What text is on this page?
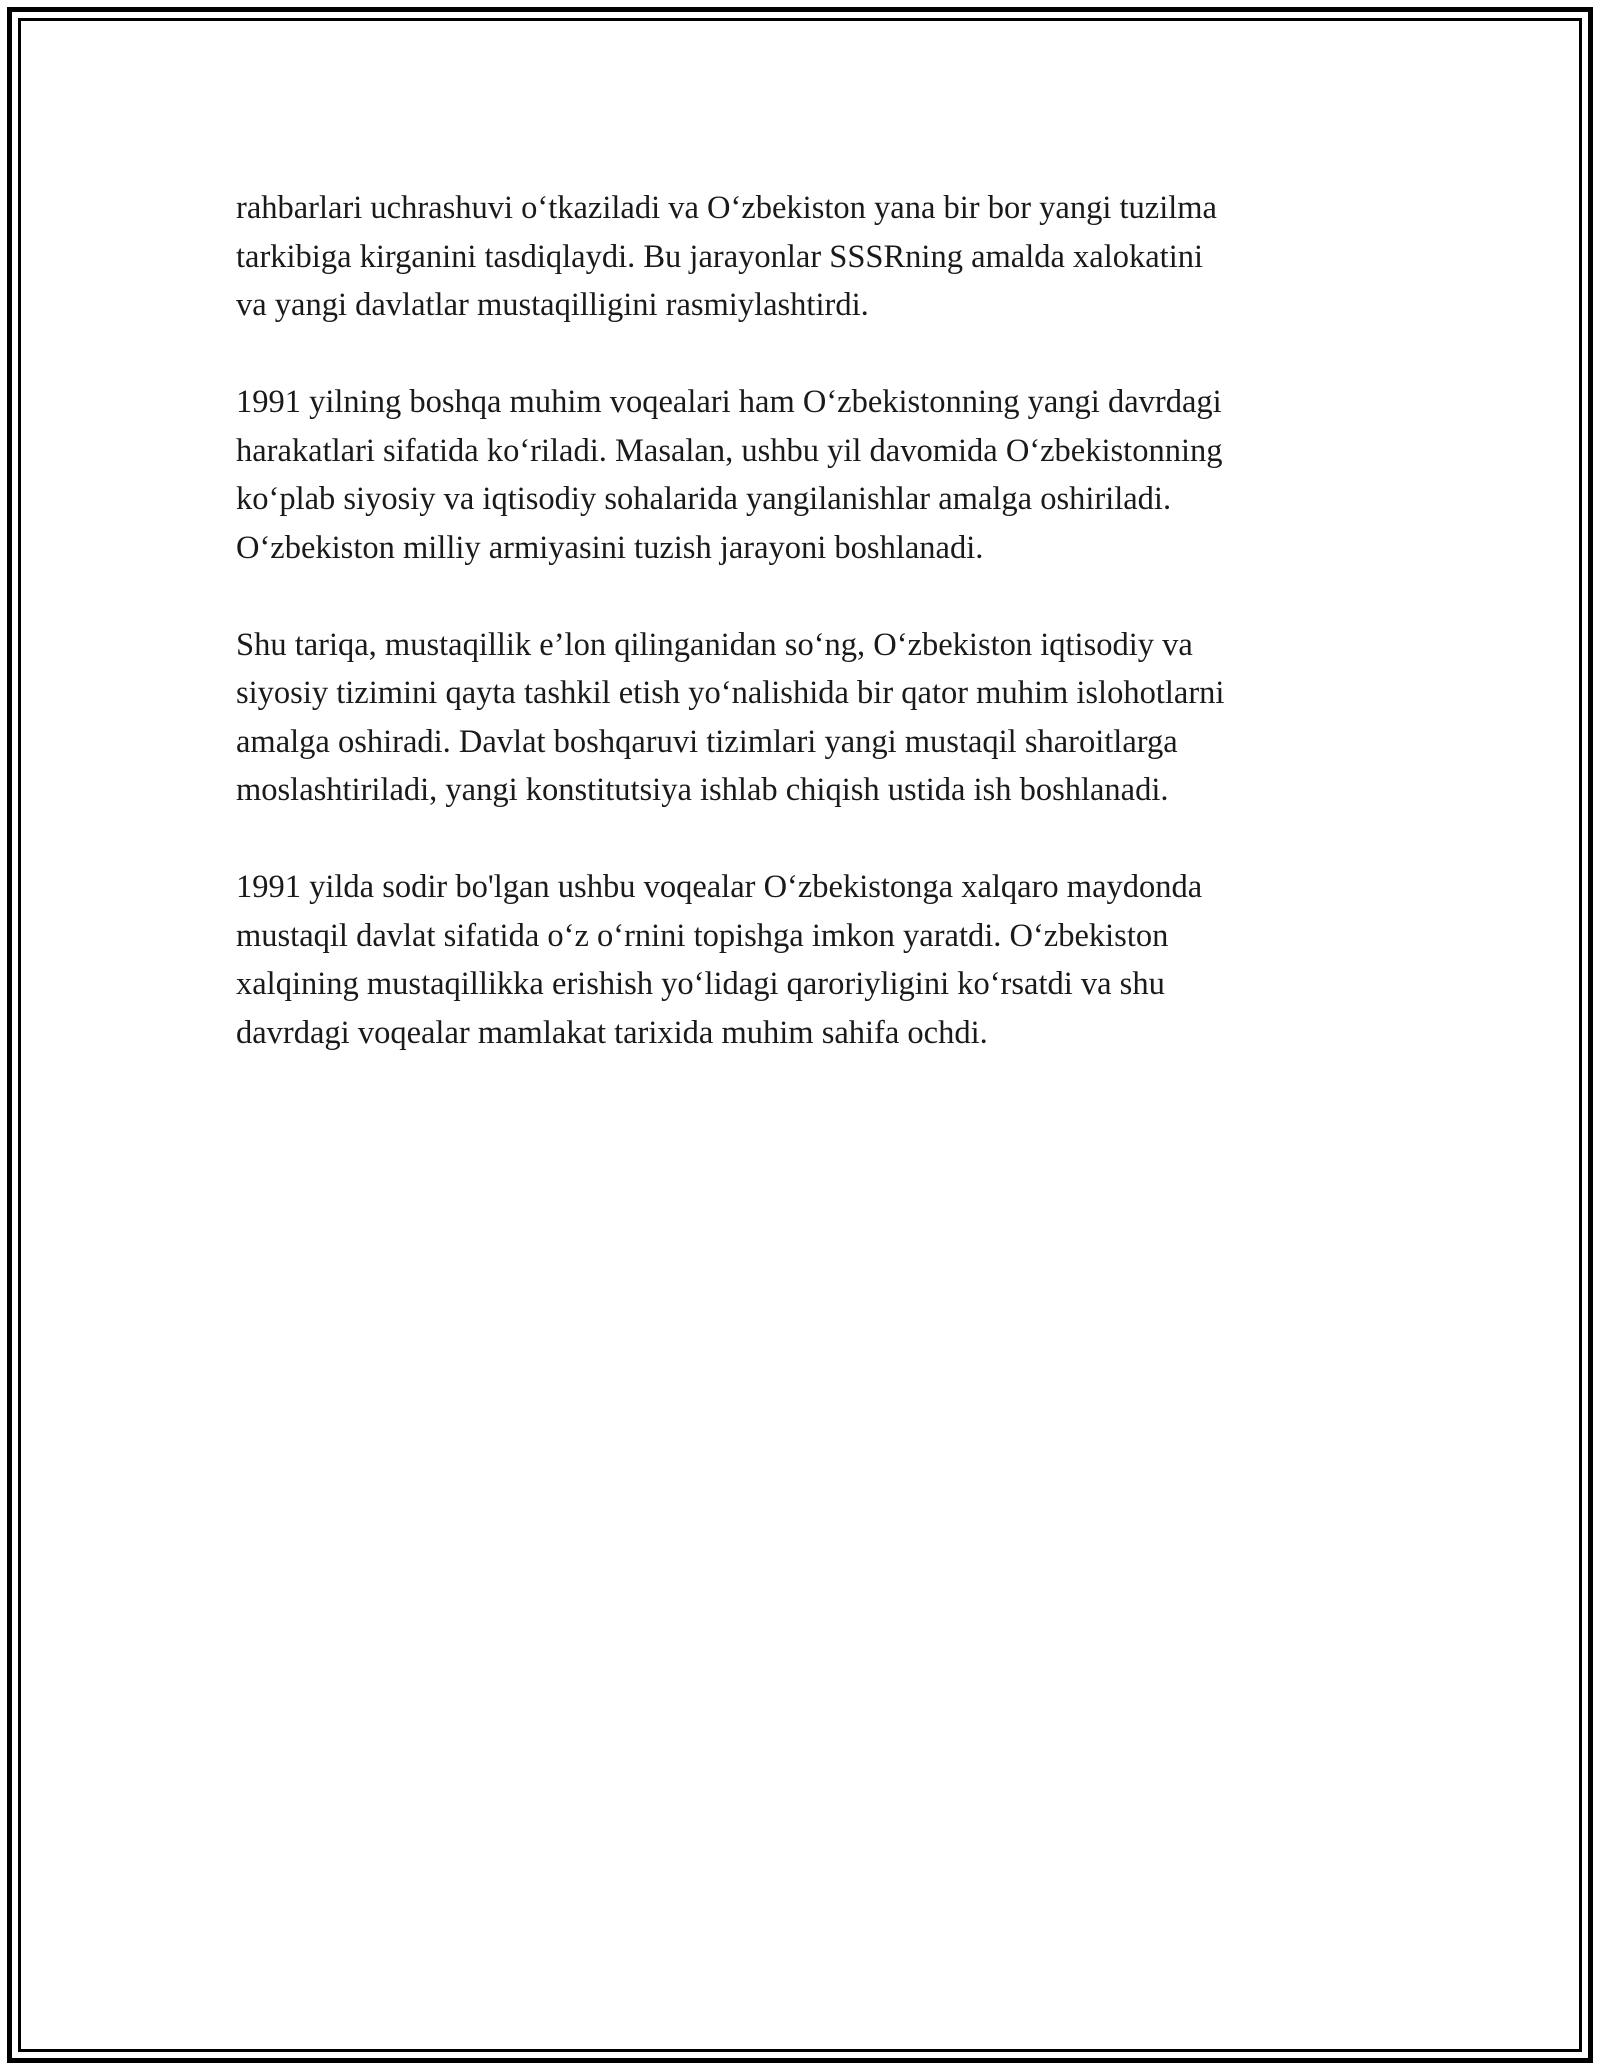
rahbarlari uchrashuvi o‘tkaziladi va O‘zbekiston yana bir bor yangi tuzilma
tarkibiga kirganini tasdiqlaydi. Bu jarayonlar SSSRning amalda xalokatini
va yangi davlatlar mustaqilligini rasmiylashtirdi.

1991 yilning boshqa muhim voqealari ham O‘zbekistonning yangi davrdagi
harakatlari sifatida ko‘riladi. Masalan, ushbu yil davomida O‘zbekistonning
ko‘plab siyosiy va iqtisodiy sohalarida yangilanishlar amalga oshiriladi.
O‘zbekiston milliy armiyasini tuzish jarayoni boshlanadi.

Shu tariqa, mustaqillik e’lon qilinganidan so‘ng, O‘zbekiston iqtisodiy va
siyosiy tizimini qayta tashkil etish yo‘nalishida bir qator muhim islohotlarni
amalga oshiradi. Davlat boshqaruvi tizimlari yangi mustaqil sharoitlarga
moslashtiriladi, yangi konstitutsiya ishlab chiqish ustida ish boshlanadi.

1991 yilda sodir bo'lgan ushbu voqealar O‘zbekistonga xalqaro maydonda
mustaqil davlat sifatida o‘z o‘rnini topishga imkon yaratdi. O‘zbekiston
xalqining mustaqillikka erishish yo‘lidagi qaroriyligini ko‘rsatdi va shu
davrdagi voqealar mamlakat tarixida muhim sahifa ochdi.
